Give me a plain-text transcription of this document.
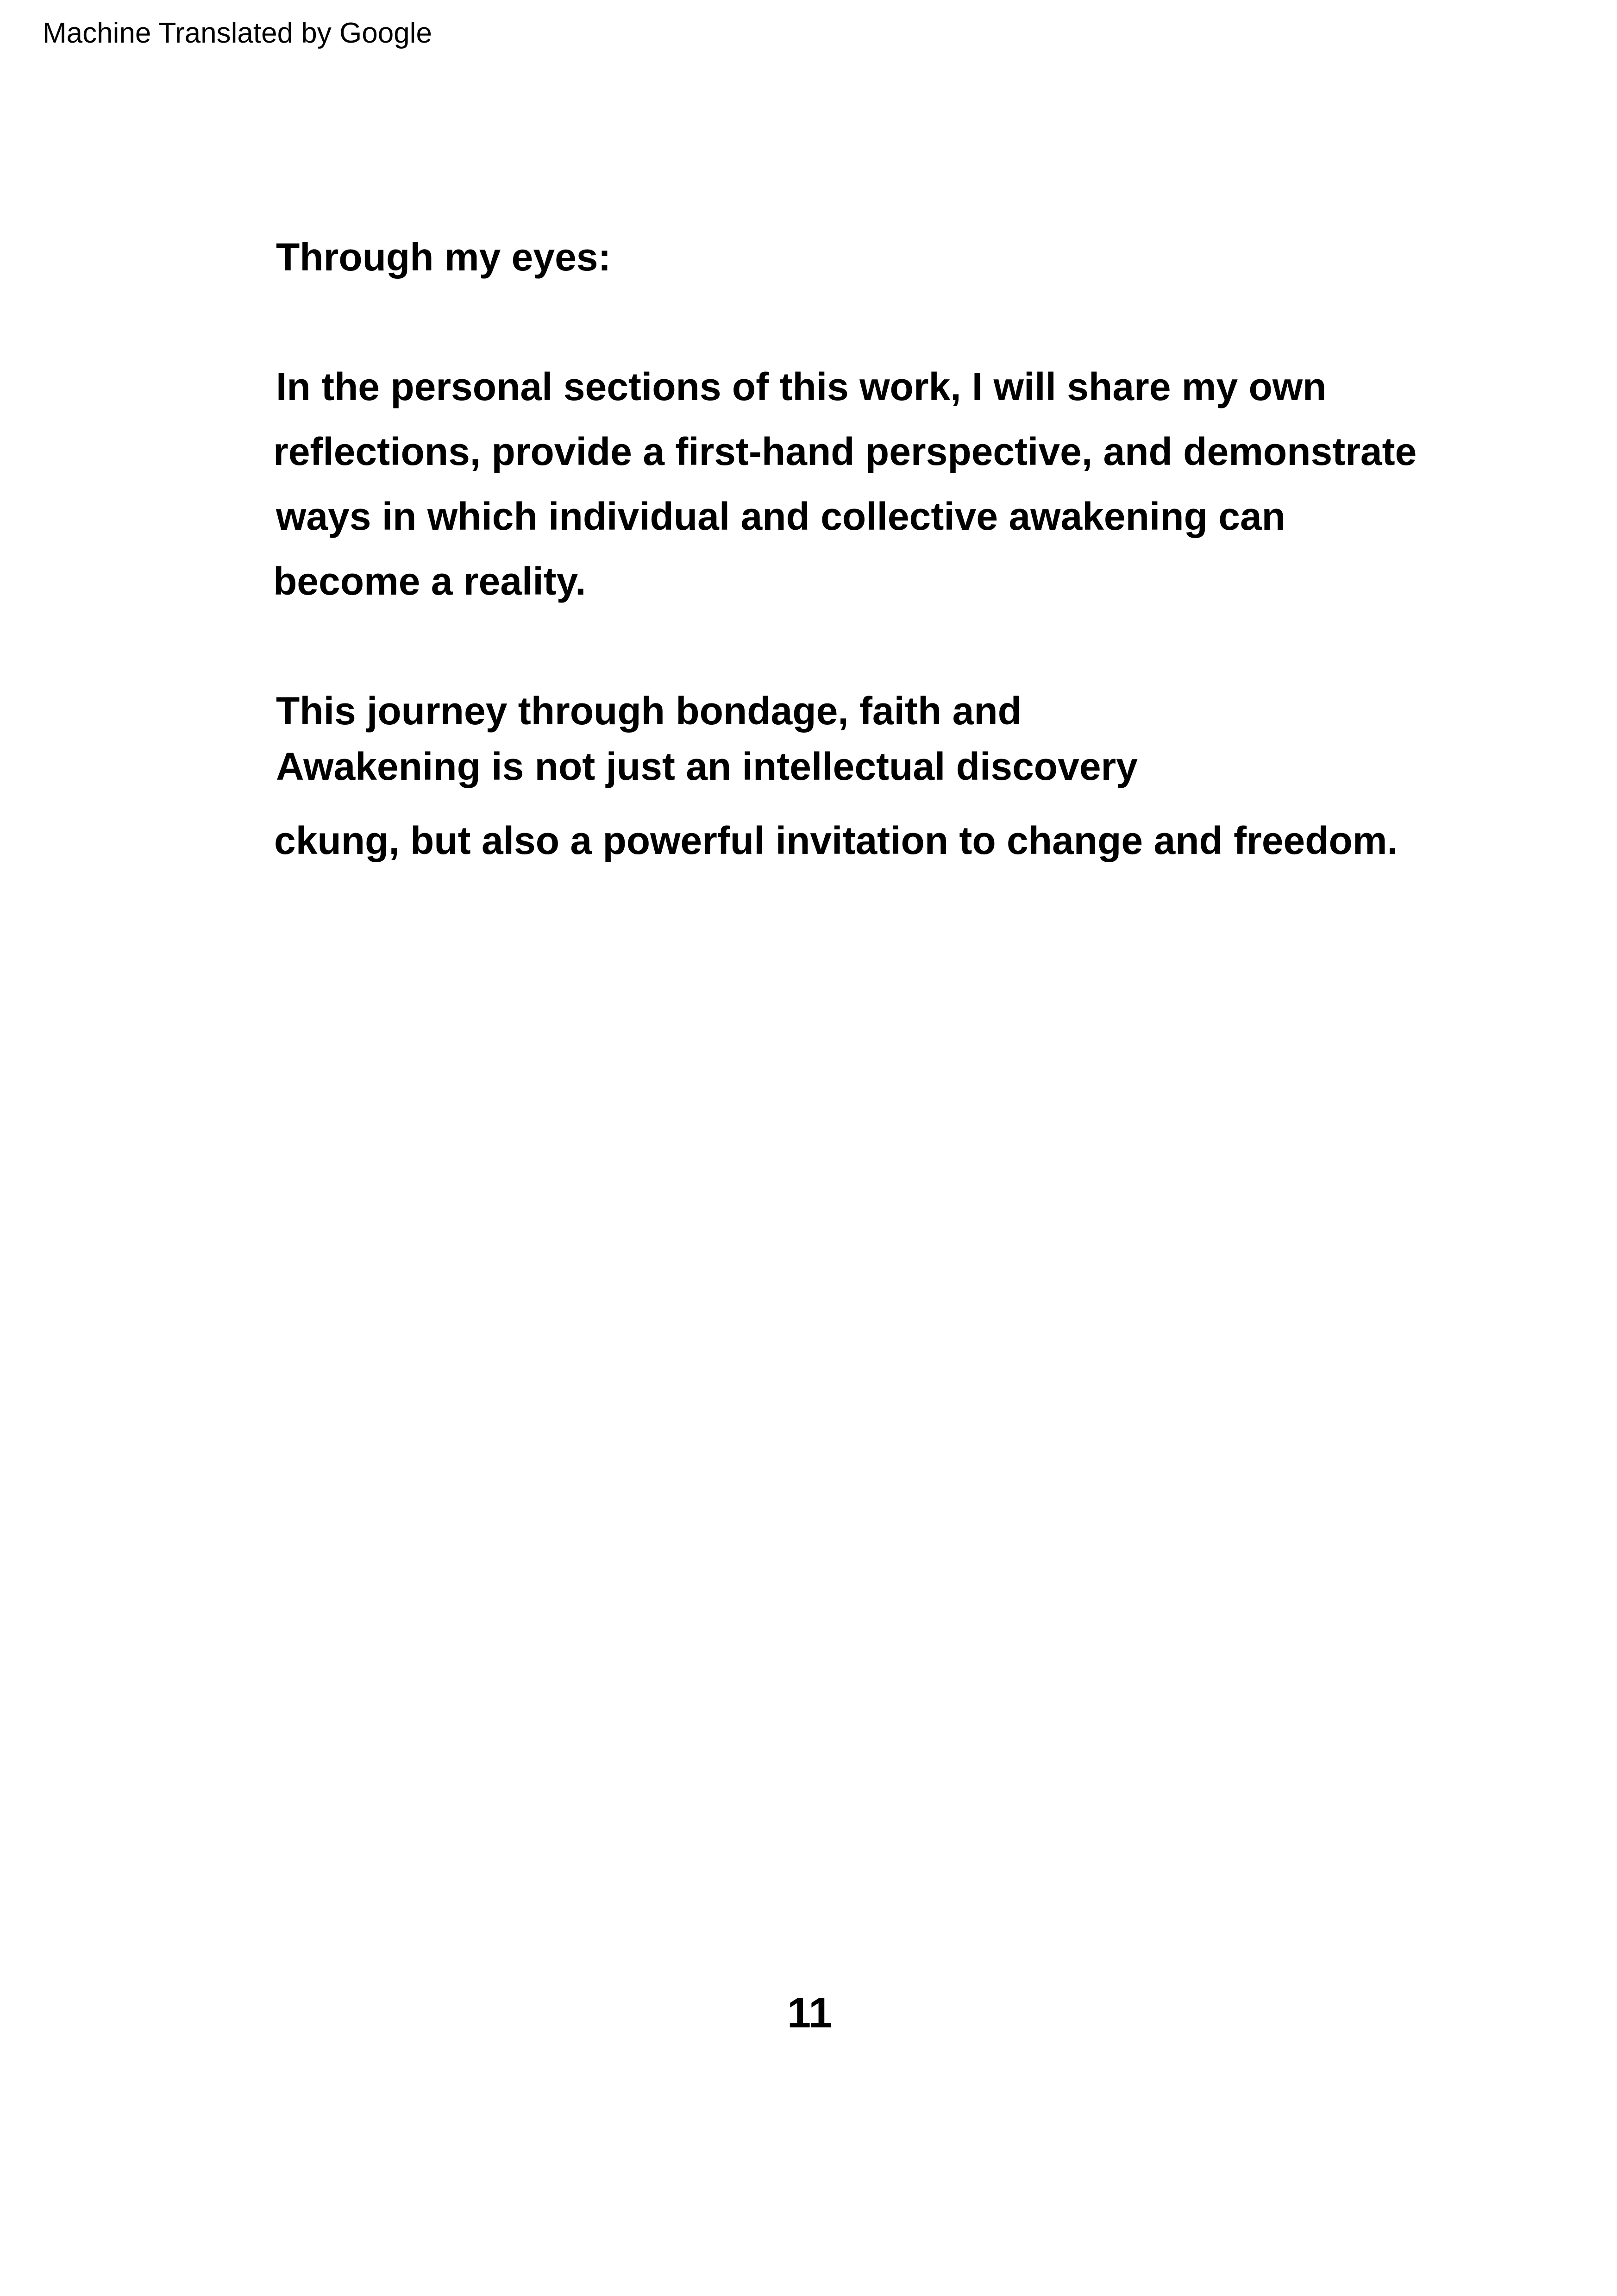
Machine Translated by Google
Through my eyes:
In the personal sections of this work, I will share my own
reflections, provide a first-hand perspective, and demonstrate
ways in which individual and collective awakening can
become a reality.
This journey through bondage, faith and
Awakening is not just an intellectual discovery
ckung, but also a powerful invitation to change and freedom.
11
